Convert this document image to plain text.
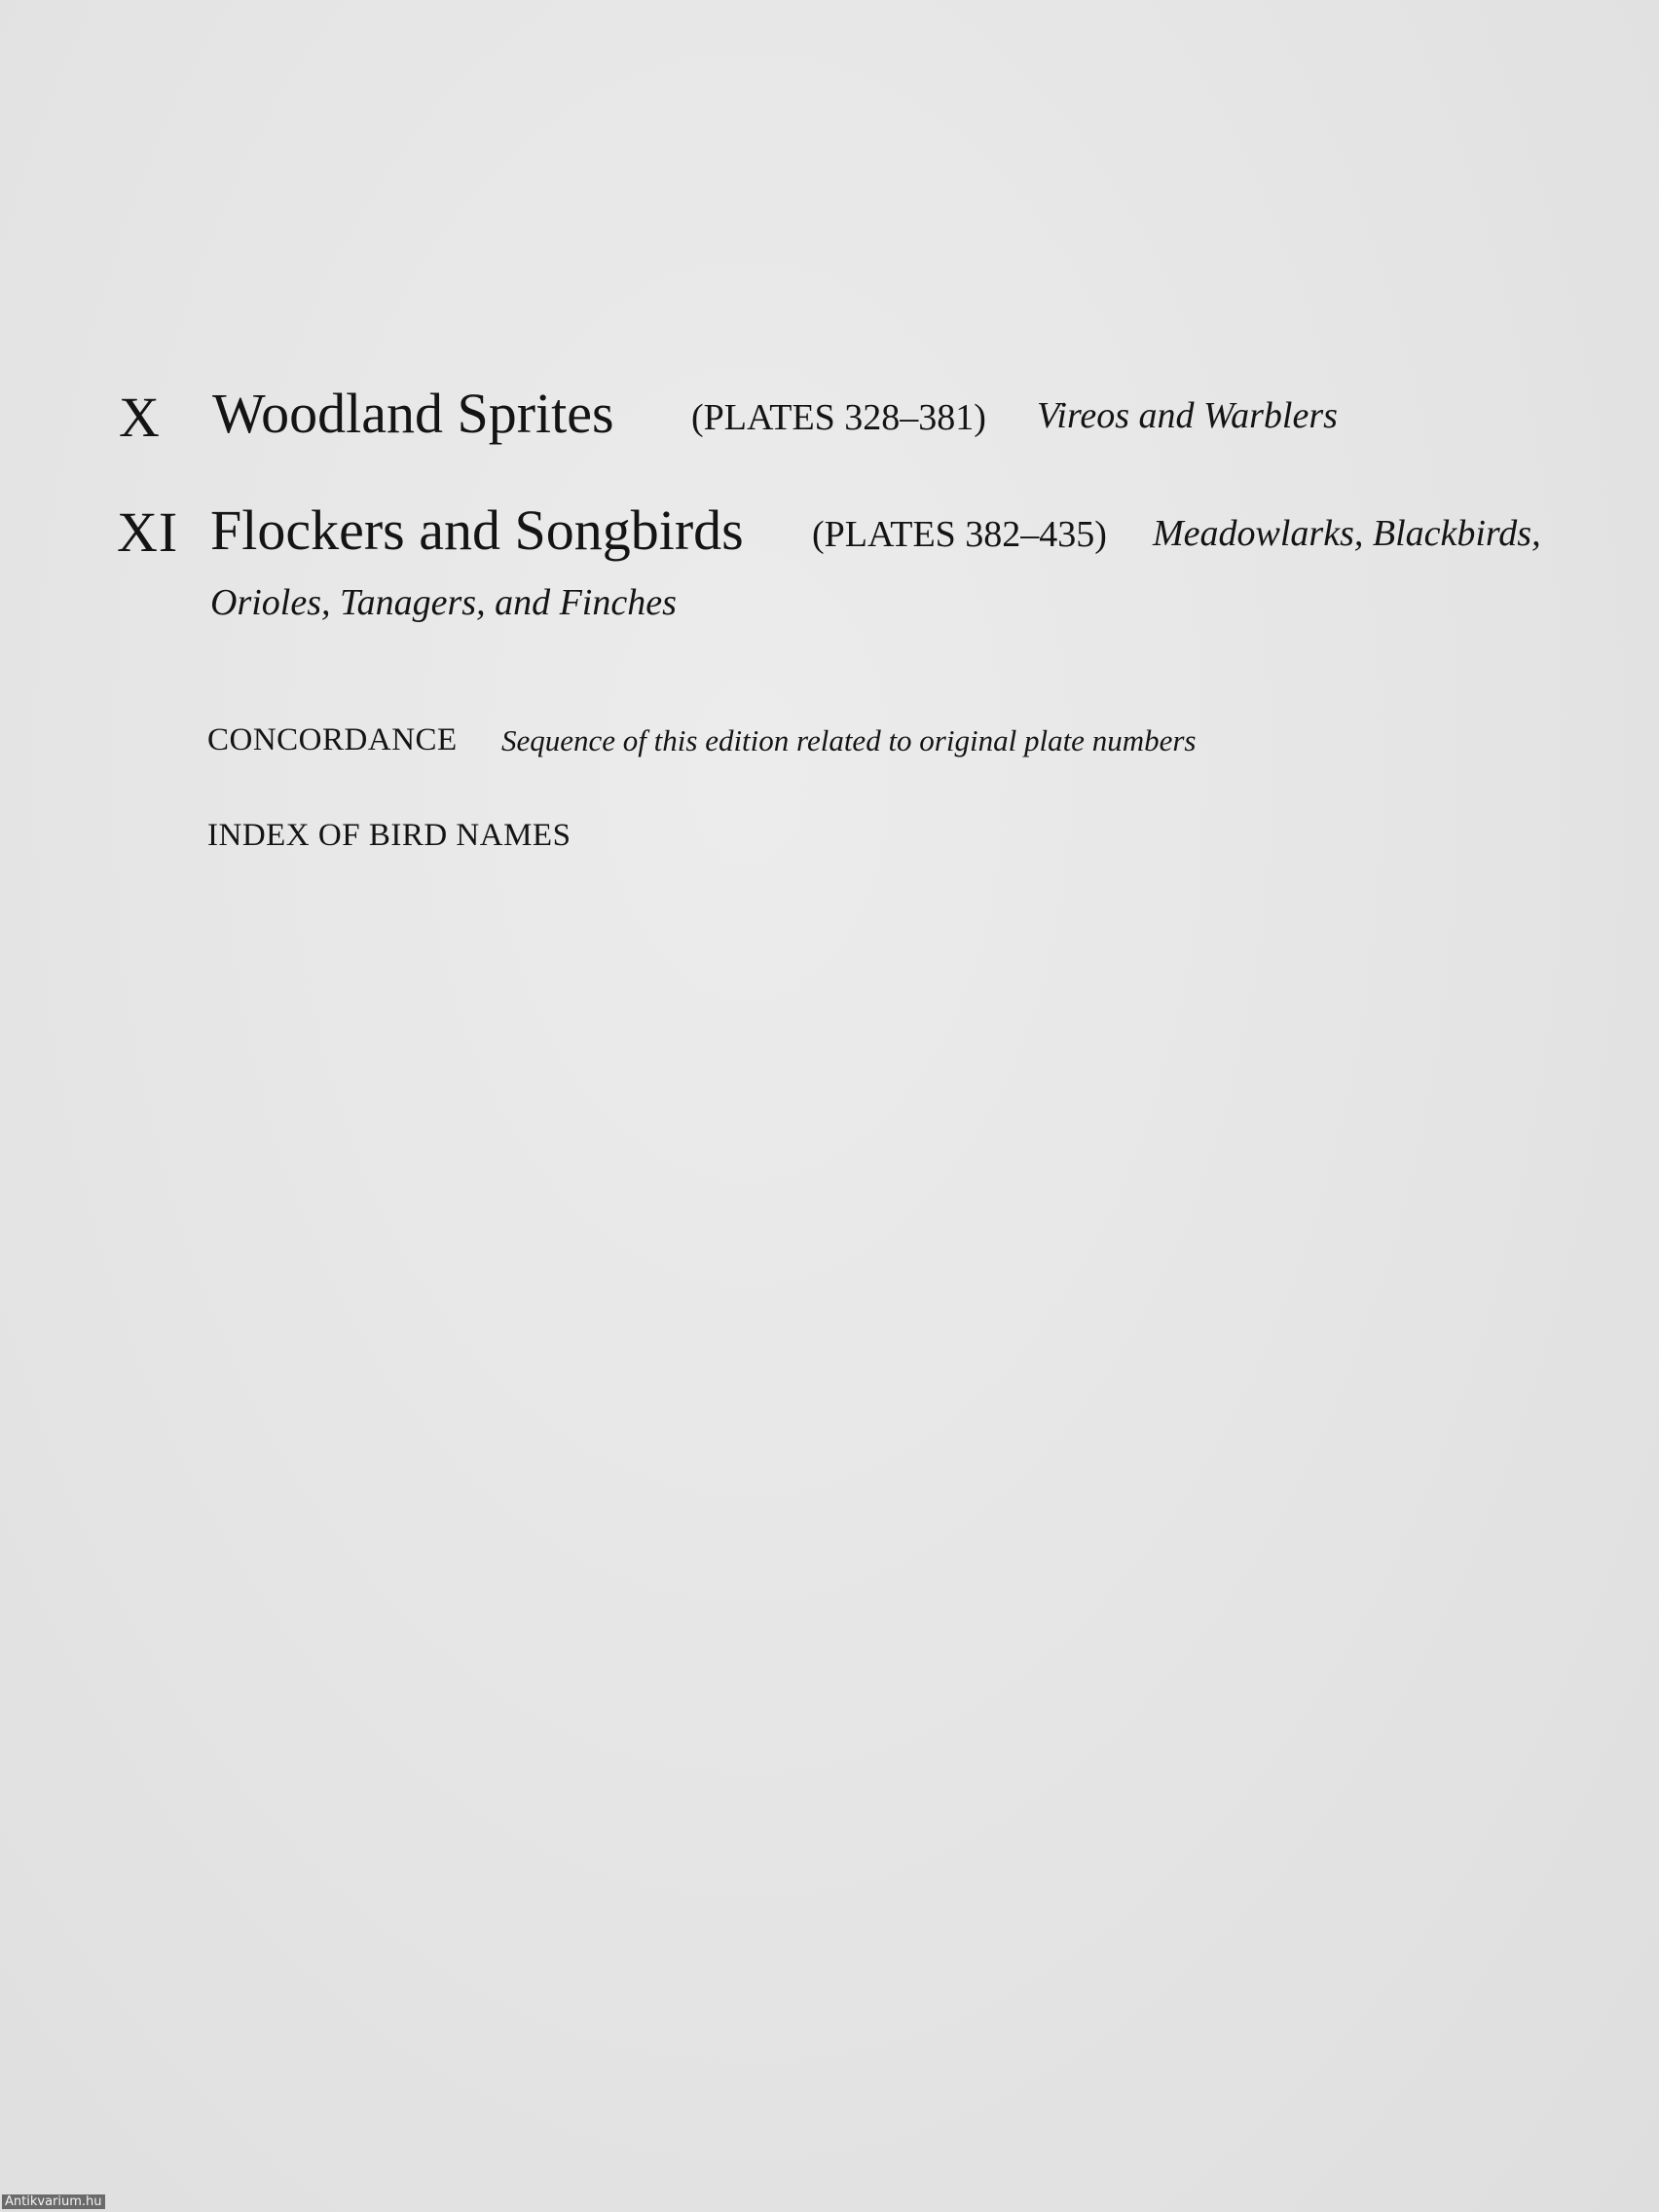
X Woodland Sprites (PLATES 328–381) Vireos and Warblers
XI Flockers and Songbirds (PLATES 382–435) Meadowlarks, Blackbirds,
Orioles, Tanagers, and Finches
CONCORDANCE Sequence of this edition related to original plate numbers
INDEX OF BIRD NAMES
Antikvarium.hu
